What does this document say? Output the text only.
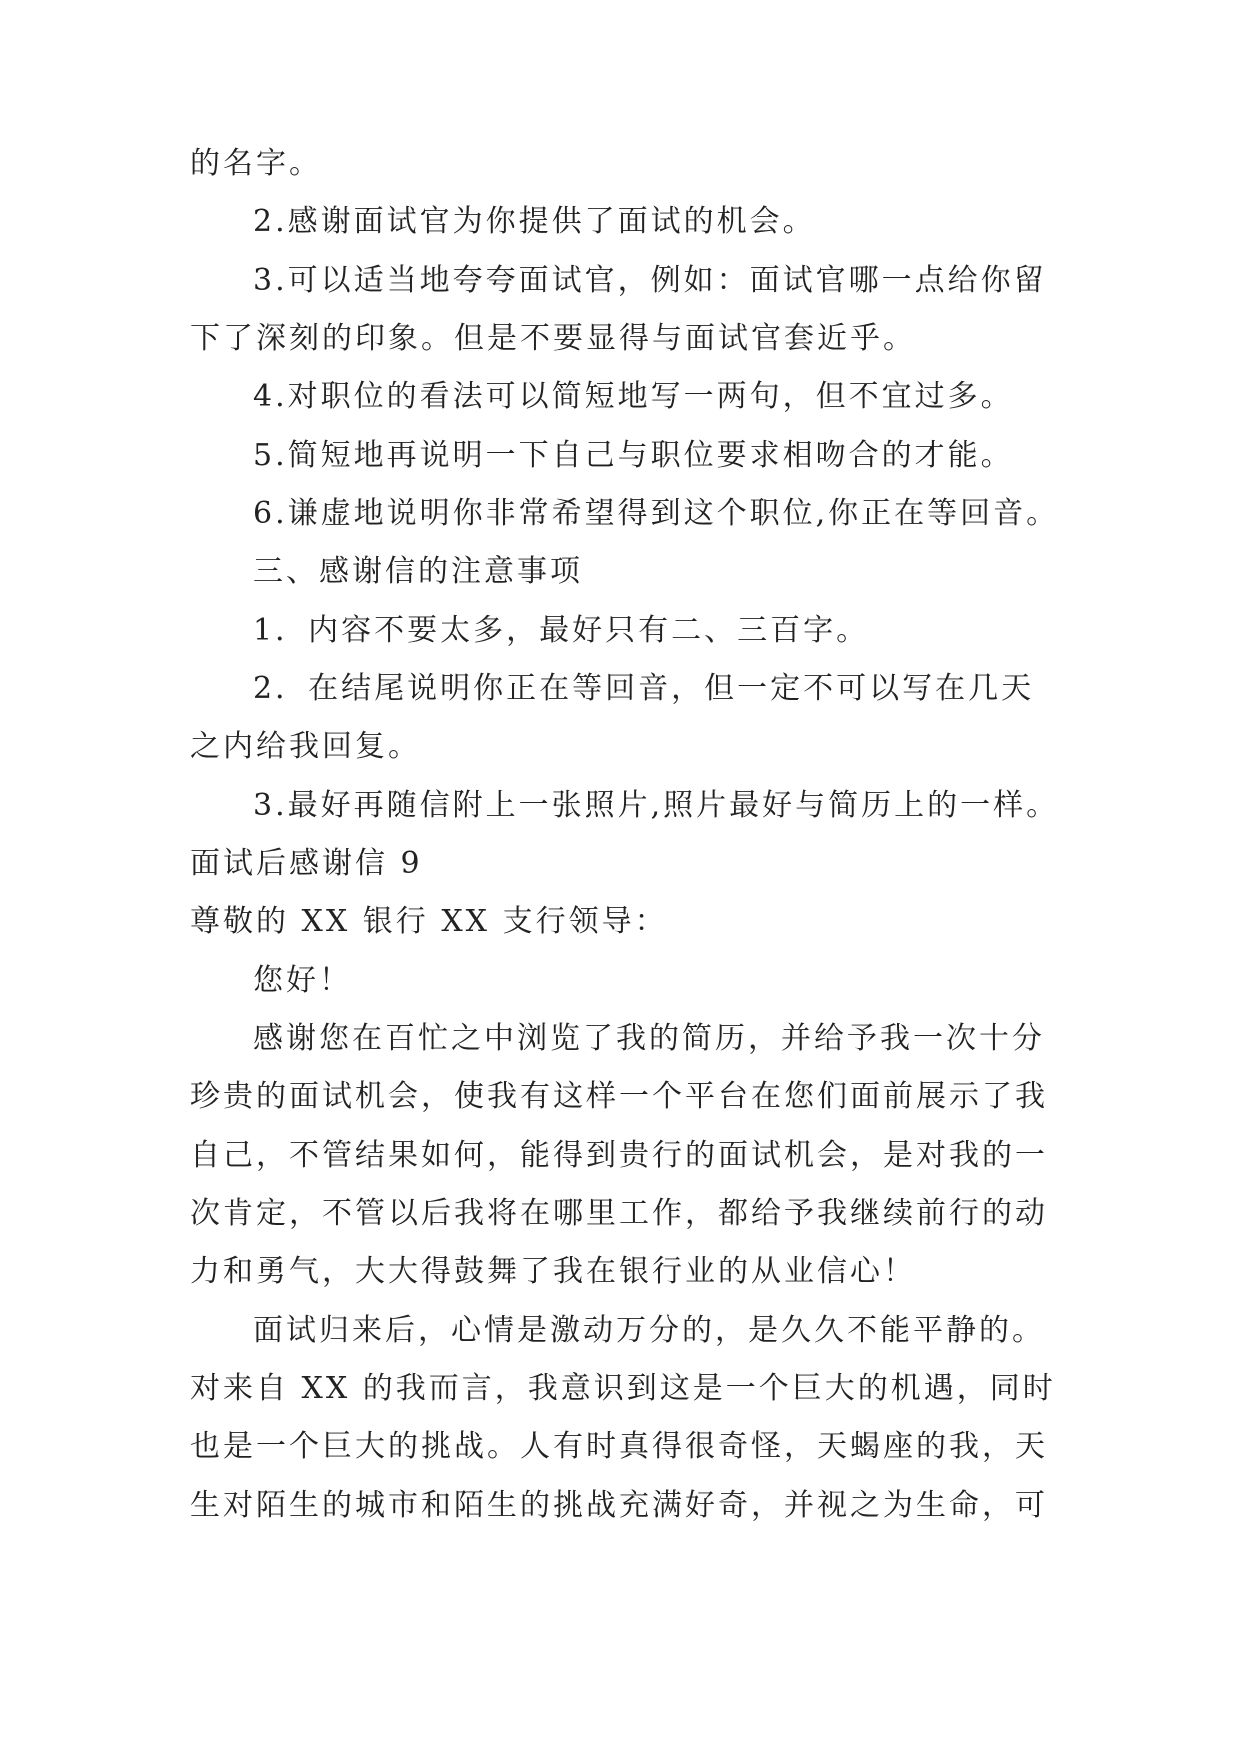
的名字。

2.感谢面试官为你提供了面试的机会。

3.可以适当地夸夸面试官，例如：面试官哪一点给你留

下了深刻的印象。但是不要显得与面试官套近乎。

4.对职位的看法可以简短地写一两句，但不宜过多。

5.简短地再说明一下自己与职位要求相吻合的才能。

6.谦虚地说明你非常希望得到这个职位,你正在等回音。

三、感谢信的注意事项

1．内容不要太多，最好只有二、三百字。

2．在结尾说明你正在等回音，但一定不可以写在几天

之内给我回复。

3.最好再随信附上一张照片,照片最好与简历上的一样。

面试后感谢信 9

尊敬的 XX 银行 XX 支行领导：

您好！

感谢您在百忙之中浏览了我的简历，并给予我一次十分

珍贵的面试机会，使我有这样一个平台在您们面前展示了我

自己，不管结果如何，能得到贵行的面试机会，是对我的一

次肯定，不管以后我将在哪里工作，都给予我继续前行的动

力和勇气，大大得鼓舞了我在银行业的从业信心！

面试归来后，心情是激动万分的，是久久不能平静的。

对来自 XX 的我而言，我意识到这是一个巨大的机遇，同时

也是一个巨大的挑战。人有时真得很奇怪，天蝎座的我，天

生对陌生的城市和陌生的挑战充满好奇，并视之为生命，可
